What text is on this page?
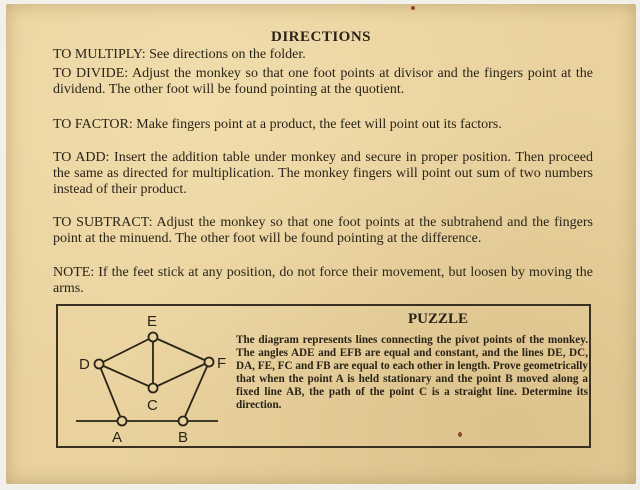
DIRECTIONS
TO MULTIPLY: See directions on the folder.
TO DIVIDE: Adjust the monkey so that one foot points at divisor and the fingers point at the dividend. The other foot will be found pointing at the quotient.
TO FACTOR: Make fingers point at a product, the feet will point out its factors.
TO ADD: Insert the addition table under monkey and secure in proper position. Then proceed the same as directed for multiplication. The monkey fingers will point out sum of two numbers instead of their product.
TO SUBTRACT: Adjust the monkey so that one foot points at the subtrahend and the fingers point at the minuend. The other foot will be found pointing at the difference.
NOTE: If the feet stick at any position, do not force their movement, but loosen by moving the arms.
PUZZLE
E
D	F
C
A	B
The diagram represents lines connecting the pivot points of the monkey. The angles ADE and EFB are equal and constant, and the lines DE, DC, DA, FE, FC and FB are equal to each other in length. Prove geometrically that when the point A is held stationary and the point B moved along a fixed line AB, the path of the point C is a straight line. Determine its direction.
